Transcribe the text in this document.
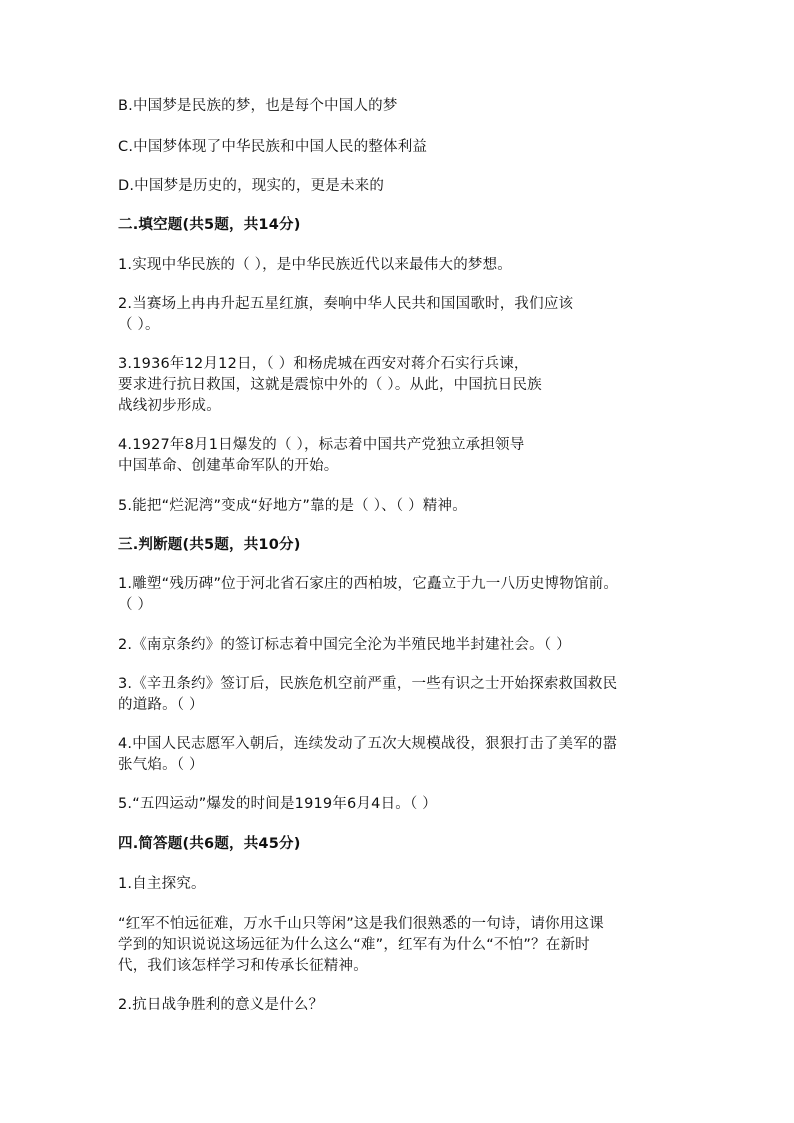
B.中国梦是民族的梦，也是每个中国人的梦
C.中国梦体现了中华民族和中国人民的整体利益
D.中国梦是历史的，现实的，更是未来的
二.填空题(共5题，共14分)
1.实现中华民族的（ ），是中华民族近代以来最伟大的梦想。
2.当赛场上冉冉升起五星红旗，奏响中华人民共和国国歌时，我们应该
（ ）。
3.1936年12月12日，（ ）和杨虎城在西安对蒋介石实行兵谏，
要求进行抗日救国，这就是震惊中外的（ ）。从此，中国抗日民族
战线初步形成。
4.1927年8月1日爆发的（ ），标志着中国共产党独立承担领导
中国革命、创建革命军队的开始。
5.能把“烂泥湾”变成“好地方”靠的是（ ）、（ ）精神。
三.判断题(共5题，共10分)
1.雕塑“残历碑”位于河北省石家庄的西柏坡，它矗立于九一八历史博物馆前。
（ ）
2.《南京条约》的签订标志着中国完全沦为半殖民地半封建社会。（ ）
3.《辛丑条约》签订后，民族危机空前严重，一些有识之士开始探索救国救民
的道路。（ ）
4.中国人民志愿军入朝后，连续发动了五次大规模战役，狠狠打击了美军的嚣
张气焰。（ ）
5.“五四运动”爆发的时间是1919年6月4日。（ ）
四.简答题(共6题，共45分)
1.自主探究。
“红军不怕远征难，万水千山只等闲”这是我们很熟悉的一句诗，请你用这课
学到的知识说说这场远征为什么这么“难”，红军有为什么“不怕”？在新时
代，我们该怎样学习和传承长征精神。
2.抗日战争胜利的意义是什么？
